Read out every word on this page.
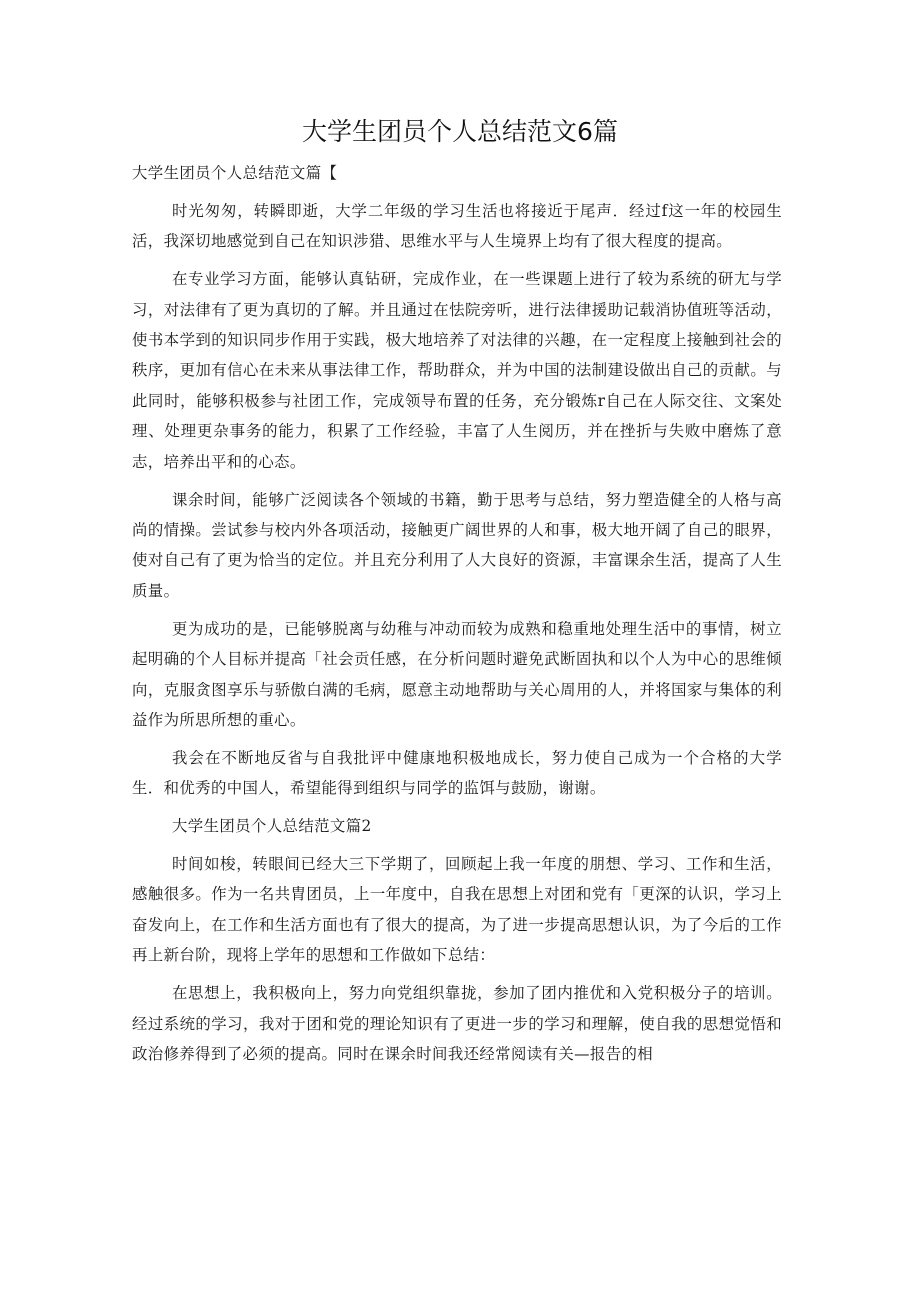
大学生团员个人总结范文6篇

大学生团员个人总结范文篇【

时光匆匆，转瞬即逝，大学二年级的学习生活也将接近于尾声．经过f这一年的校园生活，我深切地感觉到自己在知识涉猎、思维水平与人生境界上均有了很大程度的提高。

在专业学习方面，能够认真钻研，完成作业，在一些课题上进行了较为系统的研尢与学习，对法律有了更为真切的了解。并且通过在怯院旁听，进行法律援助记载消协值班等活动，使书本学到的知识同步作用于实践，极大地培养了对法律的兴趣，在一定程度上接触到社会的秩序，更加有信心在未来从事法律工作，帮助群众，并为中国的法制建设做出自己的贡献。与此同时，能够积极参与社团工作，完成领导布置的任务，充分锻炼r自己在人际交往、文案处理、处理更杂事务的能力，积累了工作经验，丰富了人生阅历，并在挫折与失败中磨炼了意志，培养出平和的心态。

课余时间，能够广泛阅读各个领域的书籍，勤于思考与总结，努力塑造健全的人格与高尚的情操。尝试参与校内外各项活动，接触更广阔世界的人和事，极大地开阔了自己的眼界，使对自己有了更为恰当的定位。并且充分利用了人大良好的资源，丰富课余生活，提高了人生质量。

更为成功的是，已能够脱离与幼稚与冲动而较为成熟和稳重地处理生活中的事情，树立起明确的个人目标并提高「社会贡任感，在分析问题时避免武断固执和以个人为中心的思维倾向，克服贪图享乐与骄傲白满的毛病，愿意主动地帮助与关心周用的人，并将国家与集体的利益作为所思所想的重心。

我会在不断地反省与自我批评中健康地积极地成长，努力使自己成为一个合格的大学生．和优秀的中国人，希望能得到组织与同学的监饵与鼓励，谢谢。

大学生团员个人总结范文篇2

时间如梭，转眼间已经大三下学期了，回顾起上我一年度的朋想、学习、工作和生活，感触很多。作为一名共胄团员，上一年度中，自我在思想上对团和党有「更深的认识，学习上奋发向上，在工作和生活方面也有了很大的提高，为了进一步提高思想认识，为了今后的工作再上新台阶，现将上学年的思想和工作做如下总结：

在思想上，我积极向上，努力向党组织靠拢，参加了团内推优和入党积极分子的培训。经过系统的学习，我对于团和党的理论知识有了更进一步的学习和理解，使自我的思想觉悟和政治修养得到了必须的提高。同时在课余时间我还经常阅读有关—报告的相
